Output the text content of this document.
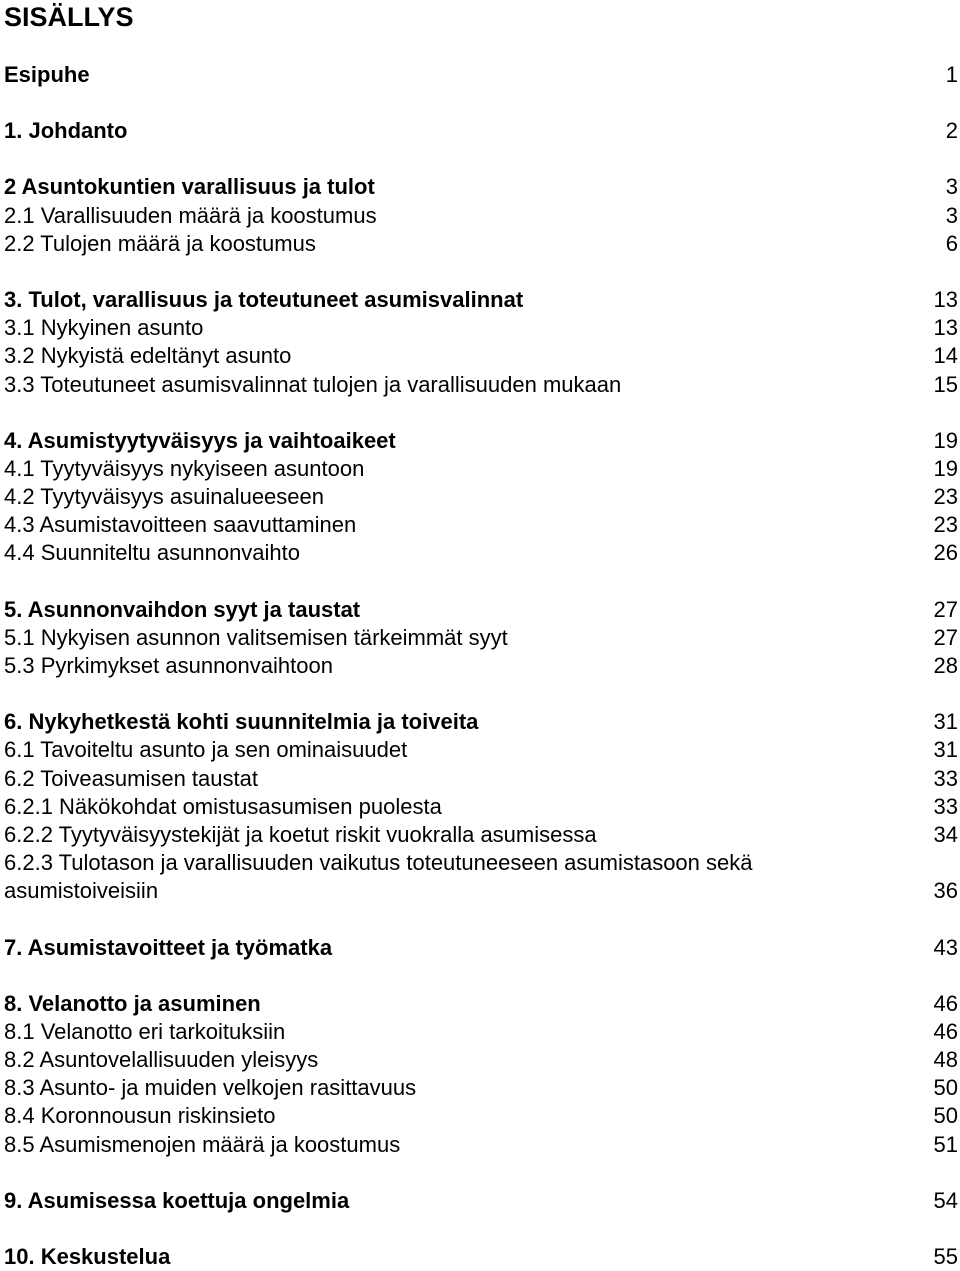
SISÄLLYS
Esipuhe	1
1. Johdanto	2
2 Asuntokuntien varallisuus ja tulot	3
2.1 Varallisuuden määrä ja koostumus	3
2.2 Tulojen määrä ja koostumus	6
3. Tulot, varallisuus ja toteutuneet asumisvalinnat	13
3.1 Nykyinen asunto	13
3.2 Nykyistä edeltänyt asunto	14
3.3 Toteutuneet asumisvalinnat tulojen ja varallisuuden mukaan	15
4. Asumistyytyväisyys ja vaihtoaikeet	19
4.1 Tyytyväisyys nykyiseen asuntoon	19
4.2 Tyytyväisyys asuinalueeseen	23
4.3 Asumistavoitteen saavuttaminen	23
4.4 Suunniteltu asunnonvaihto	26
5. Asunnonvaihdon syyt ja taustat	27
5.1 Nykyisen asunnon valitsemisen tärkeimmät syyt	27
5.3 Pyrkimykset asunnonvaihtoon	28
6. Nykyhetkestä kohti suunnitelmia ja toiveita	31
6.1 Tavoiteltu asunto ja sen ominaisuudet	31
6.2 Toiveasumisen taustat	33
6.2.1 Näkökohdat omistusasumisen puolesta	33
6.2.2 Tyytyväisyystekijät ja koetut riskit vuokralla asumisessa	34
6.2.3 Tulotason ja varallisuuden vaikutus toteutuneeseen asumistasoon sekä
asumistoiveisiin	36
7. Asumistavoitteet ja työmatka	43
8. Velanotto ja asuminen	46
8.1 Velanotto eri tarkoituksiin	46
8.2 Asuntovelallisuuden yleisyys	48
8.3 Asunto- ja muiden velkojen rasittavuus	50
8.4 Koronnousun riskinsieto	50
8.5 Asumismenojen määrä ja koostumus	51
9. Asumisessa koettuja ongelmia	54
10. Keskustelua	55
